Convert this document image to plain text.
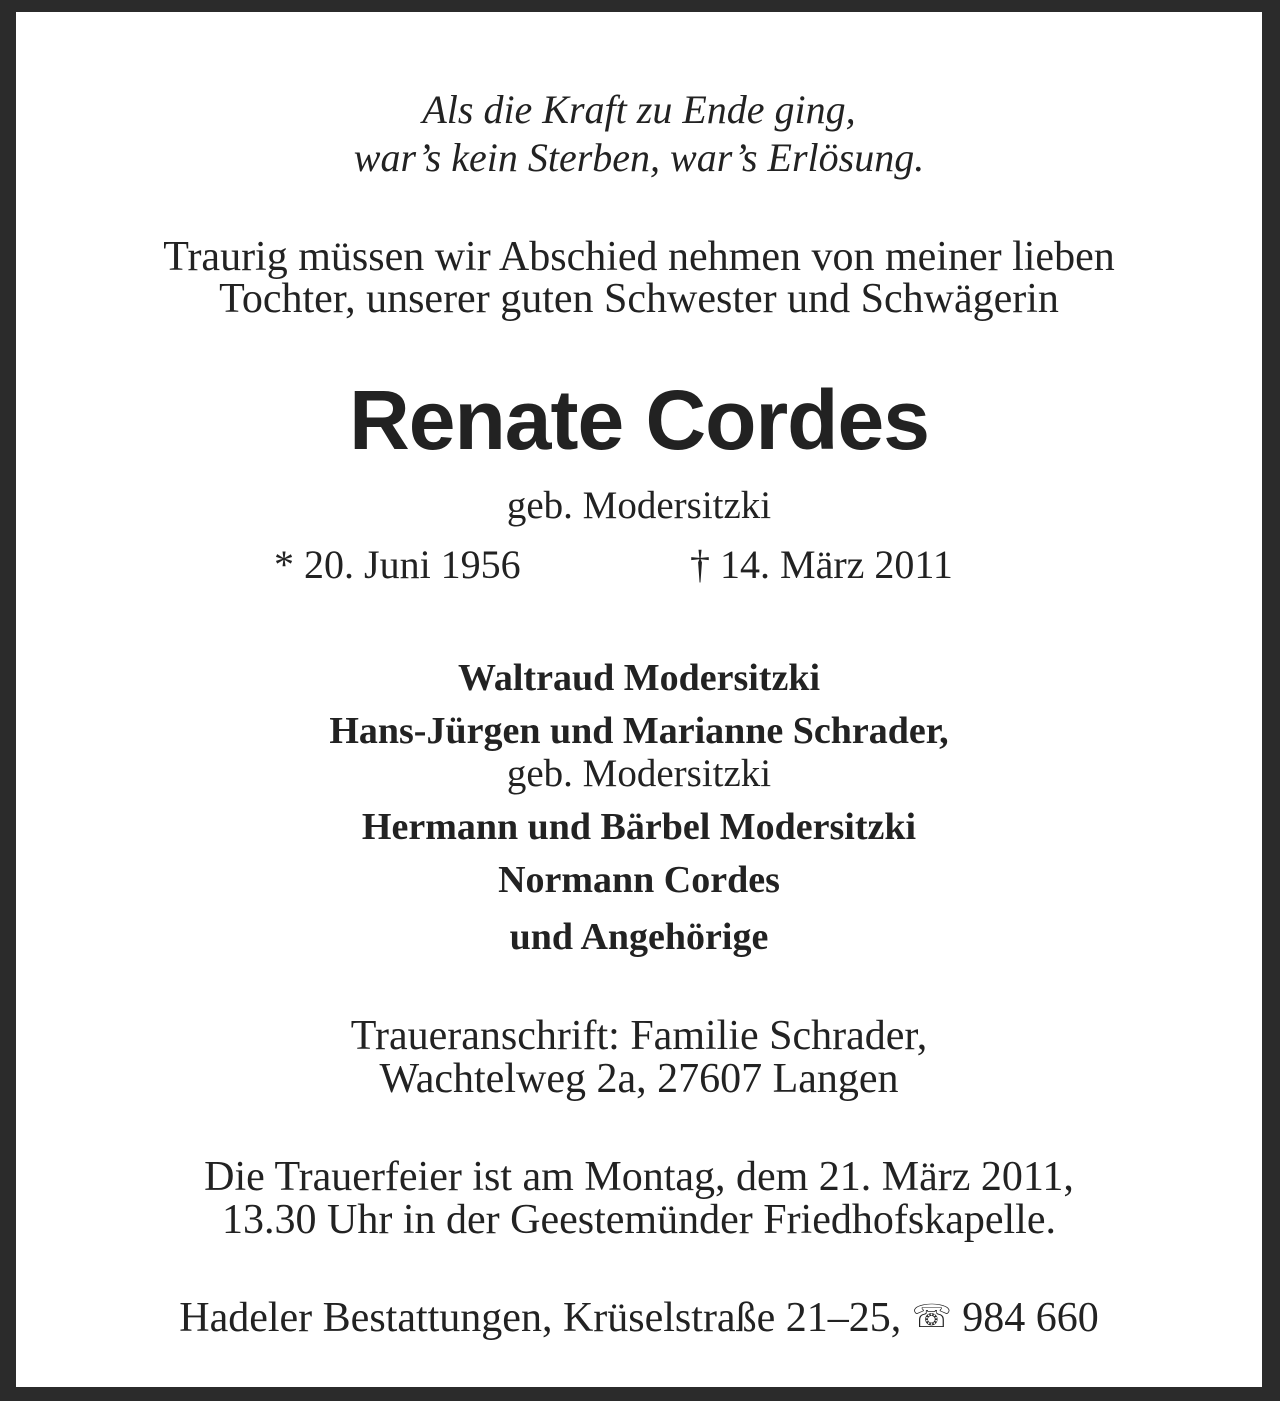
Als die Kraft zu Ende ging,
war’s kein Sterben, war’s Erlösung.
Traurig müssen wir Abschied nehmen von meiner lieben
Tochter, unserer guten Schwester und Schwägerin
Renate Cordes
geb. Modersitzki
* 20. Juni 1956	† 14. März 2011
Waltraud Modersitzki
Hans-Jürgen und Marianne Schrader,
geb. Modersitzki
Hermann und Bärbel Modersitzki
Normann Cordes
und Angehörige
Traueranschrift: Familie Schrader,
Wachtelweg 2a, 27607 Langen
Die Trauerfeier ist am Montag, dem 21. März 2011,
13.30 Uhr in der Geestemünder Friedhofskapelle.
Hadeler Bestattungen, Krüselstraße 21–25, ☏ 984 660
